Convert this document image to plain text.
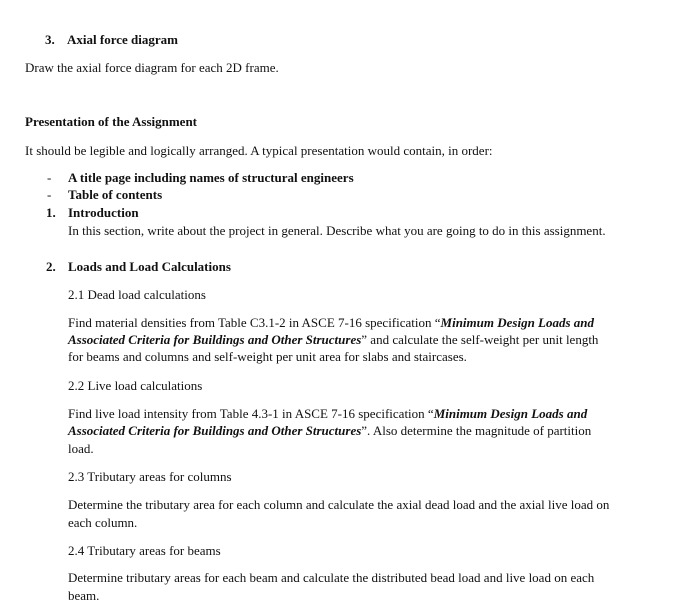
3. Axial force diagram
Draw the axial force diagram for each 2D frame.
Presentation of the Assignment
It should be legible and logically arranged. A typical presentation would contain, in order:
- A title page including names of structural engineers
- Table of contents
1. Introduction
In this section, write about the project in general. Describe what you are going to do in this assignment.
2. Loads and Load Calculations
2.1 Dead load calculations
Find material densities from Table C3.1-2 in ASCE 7-16 specification “Minimum Design Loads and
Associated Criteria for Buildings and Other Structures” and calculate the self-weight per unit length
for beams and columns and self-weight per unit area for slabs and staircases.
2.2 Live load calculations
Find live load intensity from Table 4.3-1 in ASCE 7-16 specification “Minimum Design Loads and
Associated Criteria for Buildings and Other Structures”. Also determine the magnitude of partition
load.
2.3 Tributary areas for columns
Determine the tributary area for each column and calculate the axial dead load and the axial live load on
each column.
2.4 Tributary areas for beams
Determine tributary areas for each beam and calculate the distributed bead load and live load on each
beam.
